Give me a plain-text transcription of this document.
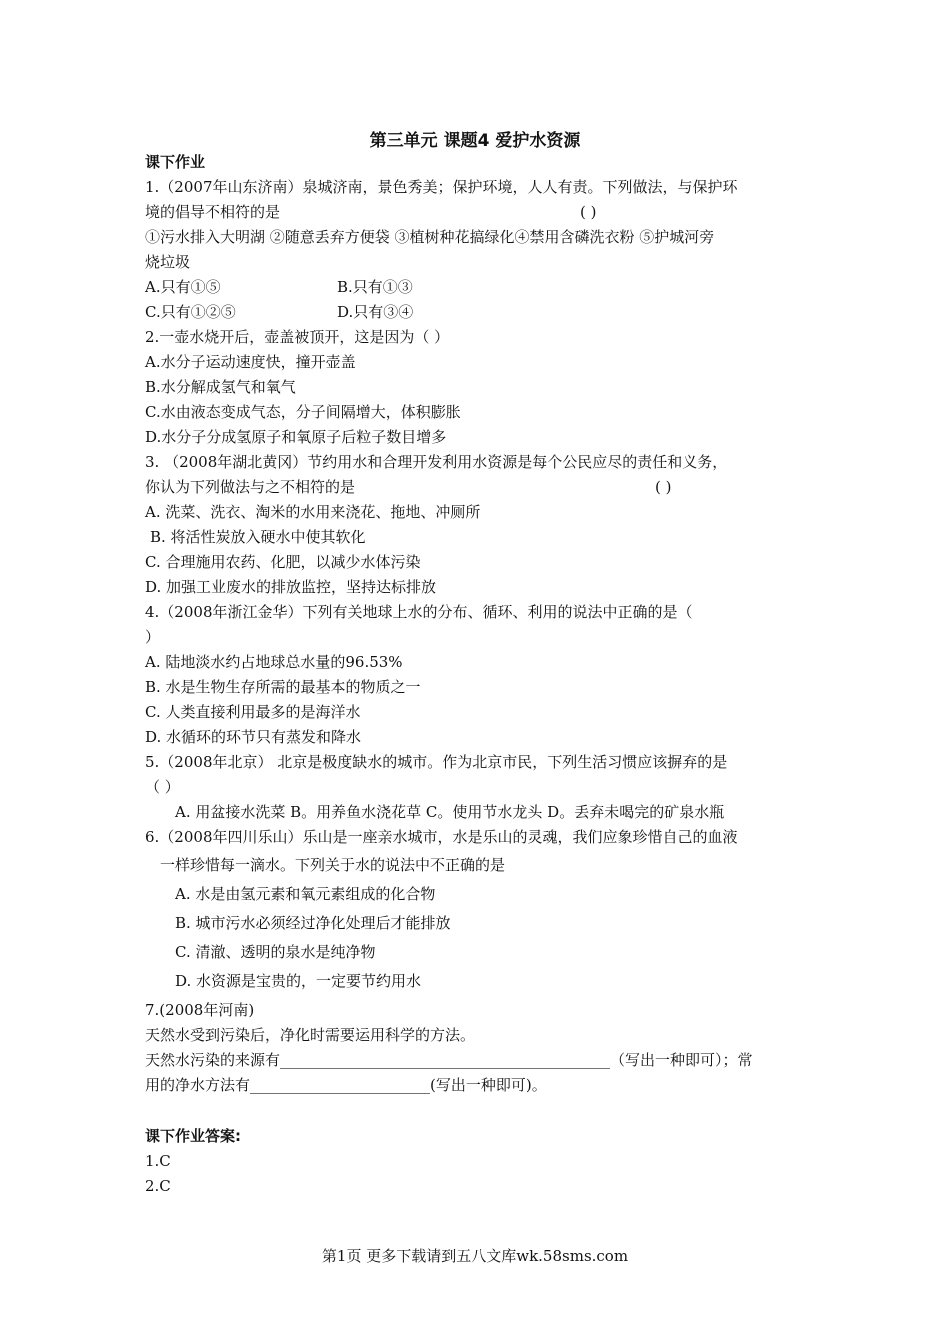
第三单元 课题4 爱护水资源
课下作业
1.（2007年山东济南）泉城济南，景色秀美；保护环境，人人有责。下列做法，与保护环
境的倡导不相符的是	( )
①污水排入大明湖 ②随意丢弃方便袋 ③植树种花搞绿化④禁用含磷洗衣粉 ⑤护城河旁
烧垃圾
A.只有①⑤	B.只有①③
C.只有①②⑤	D.只有③④
2.一壶水烧开后，壶盖被顶开，这是因为（ ）
A.水分子运动速度快，撞开壶盖
B.水分解成氢气和氧气
C.水由液态变成气态，分子间隔增大，体积膨胀
D.水分子分成氢原子和氧原子后粒子数目增多
3. （2008年湖北黄冈）节约用水和合理开发利用水资源是每个公民应尽的责任和义务，
你认为下列做法与之不相符的是	( )
A. 洗菜、洗衣、淘米的水用来浇花、拖地、冲厕所
B. 将活性炭放入硬水中使其软化
C. 合理施用农药、化肥，以减少水体污染
D. 加强工业废水的排放监控，坚持达标排放
4.（2008年浙江金华）下列有关地球上水的分布、循环、利用的说法中正确的是（
）
A. 陆地淡水约占地球总水量的96.53%
B. 水是生物生存所需的最基本的物质之一
C. 人类直接利用最多的是海洋水
D. 水循环的环节只有蒸发和降水
5.（2008年北京） 北京是极度缺水的城市。作为北京市民，下列生活习惯应该摒弃的是
（ ）
A. 用盆接水洗菜 B。用养鱼水浇花草 C。使用节水龙头 D。丢弃未喝完的矿泉水瓶
6.（2008年四川乐山）乐山是一座亲水城市，水是乐山的灵魂，我们应象珍惜自己的血液
一样珍惜每一滴水。下列关于水的说法中不正确的是
A. 水是由氢元素和氧元素组成的化合物
B. 城市污水必须经过净化处理后才能排放
C. 清澈、透明的泉水是纯净物
D. 水资源是宝贵的，一定要节约用水
7.(2008年河南)
天然水受到污染后，净化时需要运用科学的方法。
天然水污染的来源有____________________________________________（写出一种即可）；常
用的净水方法有________________________(写出一种即可)。
课下作业答案:
1.C
2.C
第1页 更多下载请到五八文库wk.58sms.com
